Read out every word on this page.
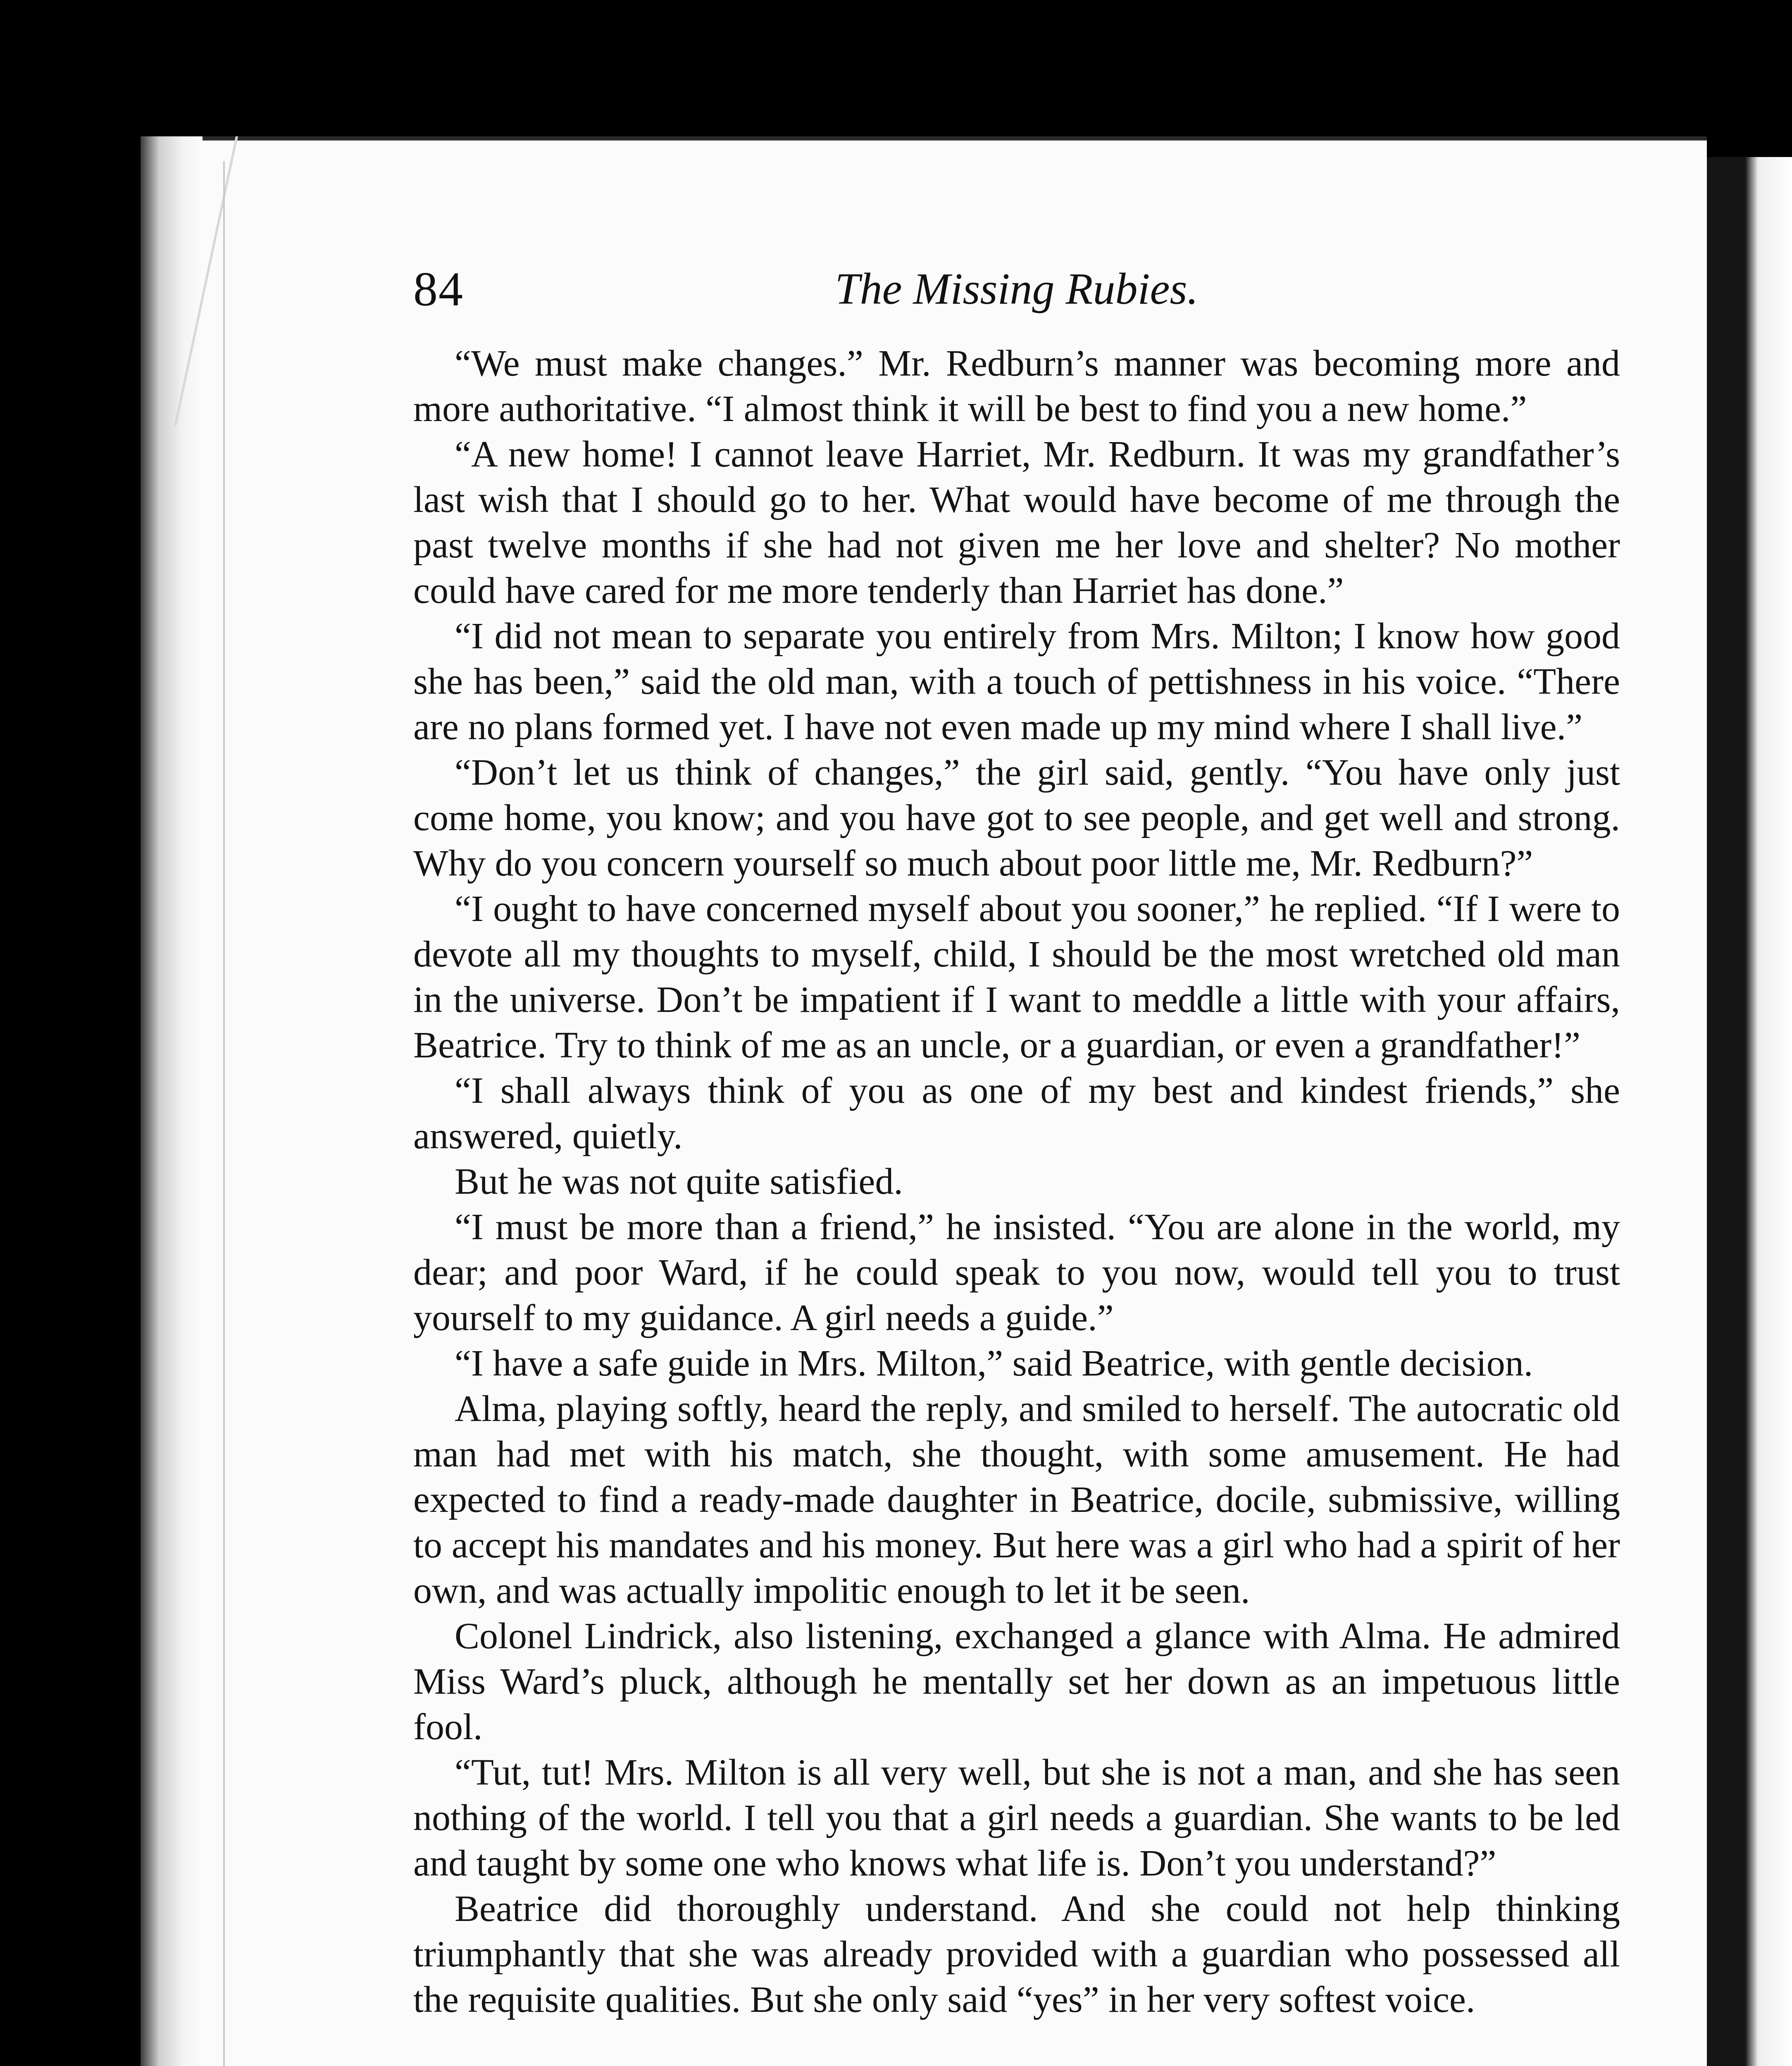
84	The Missing Rubies.

“We must make changes.” Mr. Redburn’s manner was becoming more and more authoritative. “I almost think it will be best to find you a new home.”

“A new home! I cannot leave Harriet, Mr. Redburn. It was my grandfather’s last wish that I should go to her. What would have become of me through the past twelve months if she had not given me her love and shelter? No mother could have cared for me more tenderly than Harriet has done.”

“I did not mean to separate you entirely from Mrs. Milton; I know how good she has been,” said the old man, with a touch of pettishness in his voice. “There are no plans formed yet. I have not even made up my mind where I shall live.”

“Don’t let us think of changes,” the girl said, gently. “You have only just come home, you know; and you have got to see people, and get well and strong. Why do you concern yourself so much about poor little me, Mr. Redburn?”

“I ought to have concerned myself about you sooner,” he replied. “If I were to devote all my thoughts to myself, child, I should be the most wretched old man in the universe. Don’t be impatient if I want to meddle a little with your affairs, Beatrice. Try to think of me as an uncle, or a guardian, or even a grandfather!”

“I shall always think of you as one of my best and kindest friends,” she answered, quietly.

But he was not quite satisfied.

“I must be more than a friend,” he insisted. “You are alone in the world, my dear; and poor Ward, if he could speak to you now, would tell you to trust yourself to my guidance. A girl needs a guide.”

“I have a safe guide in Mrs. Milton,” said Beatrice, with gentle decision.

Alma, playing softly, heard the reply, and smiled to herself. The autocratic old man had met with his match, she thought, with some amusement. He had expected to find a ready-made daughter in Beatrice, docile, submissive, willing to accept his mandates and his money. But here was a girl who had a spirit of her own, and was actually impolitic enough to let it be seen.

Colonel Lindrick, also listening, exchanged a glance with Alma. He admired Miss Ward’s pluck, although he mentally set her down as an impetuous little fool.

“Tut, tut! Mrs. Milton is all very well, but she is not a man, and she has seen nothing of the world. I tell you that a girl needs a guardian. She wants to be led and taught by some one who knows what life is. Don’t you understand?”

Beatrice did thoroughly understand. And she could not help thinking triumphantly that she was already provided with a guardian who possessed all the requisite qualities. But she only said “yes” in her very softest voice.
